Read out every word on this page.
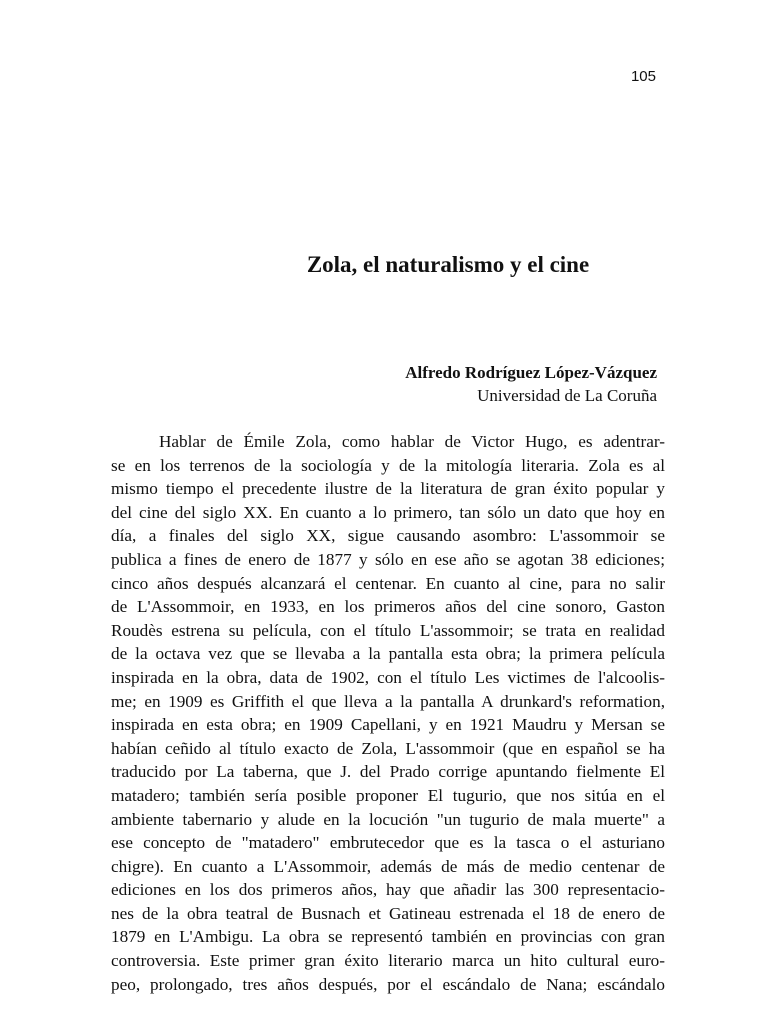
105
Zola, el naturalismo y el cine
Alfredo Rodríguez López-Vázquez
Universidad de La Coruña
Hablar de Émile Zola, como hablar de Victor Hugo, es adentrar-
se en los terrenos de la sociología y de la mitología literaria. Zola es al
mismo tiempo el precedente ilustre de la literatura de gran éxito popular y
del cine del siglo XX. En cuanto a lo primero, tan sólo un dato que hoy en
día, a finales del siglo XX, sigue causando asombro: L'assommoir se
publica a fines de enero de 1877 y sólo en ese año se agotan 38 ediciones;
cinco años después alcanzará el centenar. En cuanto al cine, para no salir
de L'Assommoir, en 1933, en los primeros años del cine sonoro, Gaston
Roudès estrena su película, con el título L'assommoir; se trata en realidad
de la octava vez que se llevaba a la pantalla esta obra; la primera película
inspirada en la obra, data de 1902, con el título Les victimes de l'alcoolis-
me; en 1909 es Griffith el que lleva a la pantalla A drunkard's reformation,
inspirada en esta obra; en 1909 Capellani, y en 1921 Maudru y Mersan se
habían ceñido al título exacto de Zola, L'assommoir (que en español se ha
traducido por La taberna, que J. del Prado corrige apuntando fielmente El
matadero; también sería posible proponer El tugurio, que nos sitúa en el
ambiente tabernario y alude en la locución "un tugurio de mala muerte" a
ese concepto de "matadero" embrutecedor que es la tasca o el asturiano
chigre). En cuanto a L'Assommoir, además de más de medio centenar de
ediciones en los dos primeros años, hay que añadir las 300 representacio-
nes de la obra teatral de Busnach et Gatineau estrenada el 18 de enero de
1879 en L'Ambigu. La obra se representó también en provincias con gran
controversia. Este primer gran éxito literario marca un hito cultural euro-
peo, prolongado, tres años después, por el escándalo de Nana; escándalo
